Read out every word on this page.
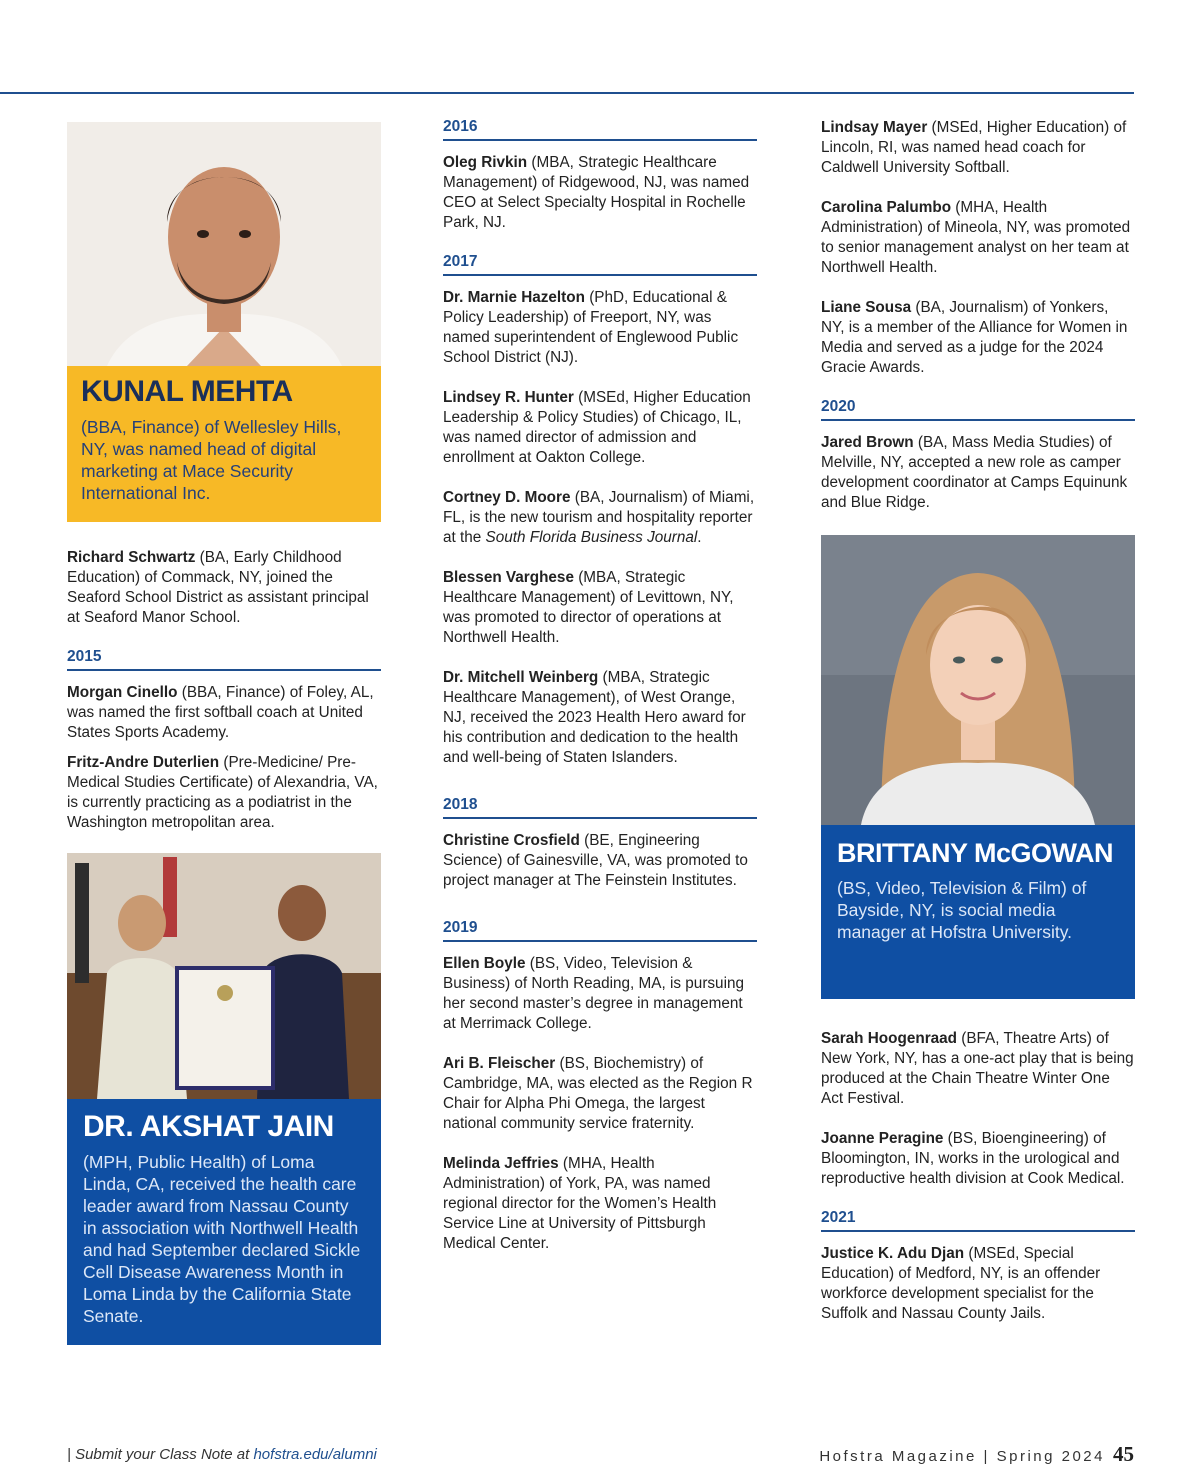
KUNAL MEHTA
(BBA, Finance) of Wellesley Hills, NY, was named head of digital marketing at Mace Security International Inc.

Richard Schwartz (BA, Early Childhood Education) of Commack, NY, joined the Seaford School District as assistant principal at Seaford Manor School.

2015

Morgan Cinello (BBA, Finance) of Foley, AL, was named the first softball coach at United States Sports Academy.

Fritz-Andre Duterlien (Pre-Medicine/ Pre-Medical Studies Certificate) of Alexandria, VA, is currently practicing as a podiatrist in the Washington metropolitan area.

DR. AKSHAT JAIN
(MPH, Public Health) of Loma Linda, CA, received the health care leader award from Nassau County in association with Northwell Health and had September declared Sickle Cell Disease Awareness Month in Loma Linda by the California State Senate.
2016

Oleg Rivkin (MBA, Strategic Healthcare Management) of Ridgewood, NJ, was named CEO at Select Specialty Hospital in Rochelle Park, NJ.

2017

Dr. Marnie Hazelton (PhD, Educational & Policy Leadership) of Freeport, NY, was named superintendent of Englewood Public School District (NJ).

Lindsey R. Hunter (MSEd, Higher Education Leadership & Policy Studies) of Chicago, IL, was named director of admission and enrollment at Oakton College.

Cortney D. Moore (BA, Journalism) of Miami, FL, is the new tourism and hospitality reporter at the South Florida Business Journal.

Blessen Varghese (MBA, Strategic Healthcare Management) of Levittown, NY, was promoted to director of operations at Northwell Health.

Dr. Mitchell Weinberg (MBA, Strategic Healthcare Management), of West Orange, NJ, received the 2023 Health Hero award for his contribution and dedication to the health and well-being of Staten Islanders.

2018

Christine Crosfield (BE, Engineering Science) of Gainesville, VA, was promoted to project manager at The Feinstein Institutes.

2019

Ellen Boyle (BS, Video, Television & Business) of North Reading, MA, is pursuing her second master’s degree in management at Merrimack College.

Ari B. Fleischer (BS, Biochemistry) of Cambridge, MA, was elected as the Region R Chair for Alpha Phi Omega, the largest national community service fraternity.

Melinda Jeffries (MHA, Health Administration) of York, PA, was named regional director for the Women’s Health Service Line at University of Pittsburgh Medical Center.

Lindsay Mayer (MSEd, Higher Education) of Lincoln, RI, was named head coach for Caldwell University Softball.

Carolina Palumbo (MHA, Health Administration) of Mineola, NY, was promoted to senior management analyst on her team at Northwell Health.

Liane Sousa (BA, Journalism) of Yonkers, NY, is a member of the Alliance for Women in Media and served as a judge for the 2024 Gracie Awards.

2020

Jared Brown (BA, Mass Media Studies) of Melville, NY, accepted a new role as camper development coordinator at Camps Equinunk and Blue Ridge.

BRITTANY McGOWAN
(BS, Video, Television & Film) of Bayside, NY, is social media manager at Hofstra University.

Sarah Hoogenraad (BFA, Theatre Arts) of New York, NY, has a one-act play that is being produced at the Chain Theatre Winter One Act Festival.

Joanne Peragine (BS, Bioengineering) of Bloomington, IN, works in the urological and reproductive health division at Cook Medical.

2021

Justice K. Adu Djan (MSEd, Special Education) of Medford, NY, is an offender workforce development specialist for the Suffolk and Nassau County Jails.

| Submit your Class Note at hofstra.edu/alumni	Hofstra Magazine | Spring 2024 45
